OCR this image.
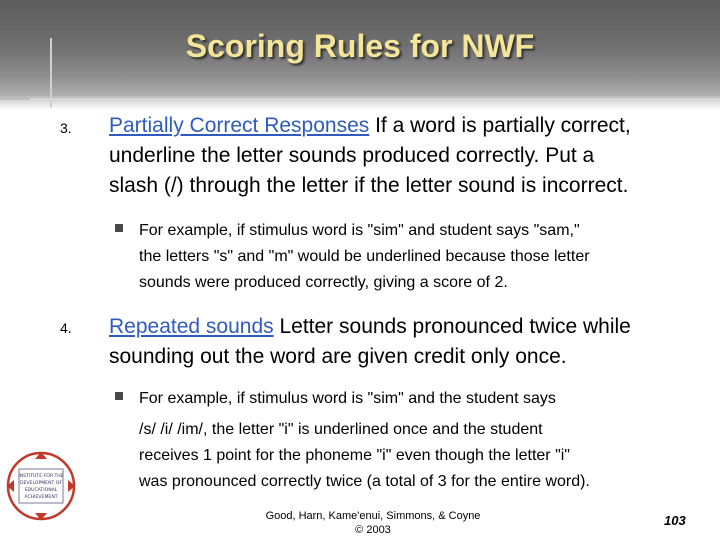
Scoring Rules for NWF
3. Partially Correct Responses If a word is partially correct,
underline the letter sounds produced correctly. Put a
slash (/) through the letter if the letter sound is incorrect.
For example, if stimulus word is "sim" and student says "sam,"
the letters "s" and "m" would be underlined because those letter
sounds were produced correctly, giving a score of 2.
4. Repeated sounds Letter sounds pronounced twice while
sounding out the word are given credit only once.
For example, if stimulus word is "sim" and the student says
/s/ /i/ /im/, the letter "i" is underlined once and the student
receives 1 point for the phoneme "i" even though the letter "i"
was pronounced correctly twice (a total of 3 for the entire word).
INSTITUTE FOR THE
DEVELOPMENT OF
EDUCATIONAL
ACHIEVEMENT
Good, Harn, Kame'enui, Simmons, & Coyne
© 2003
103
